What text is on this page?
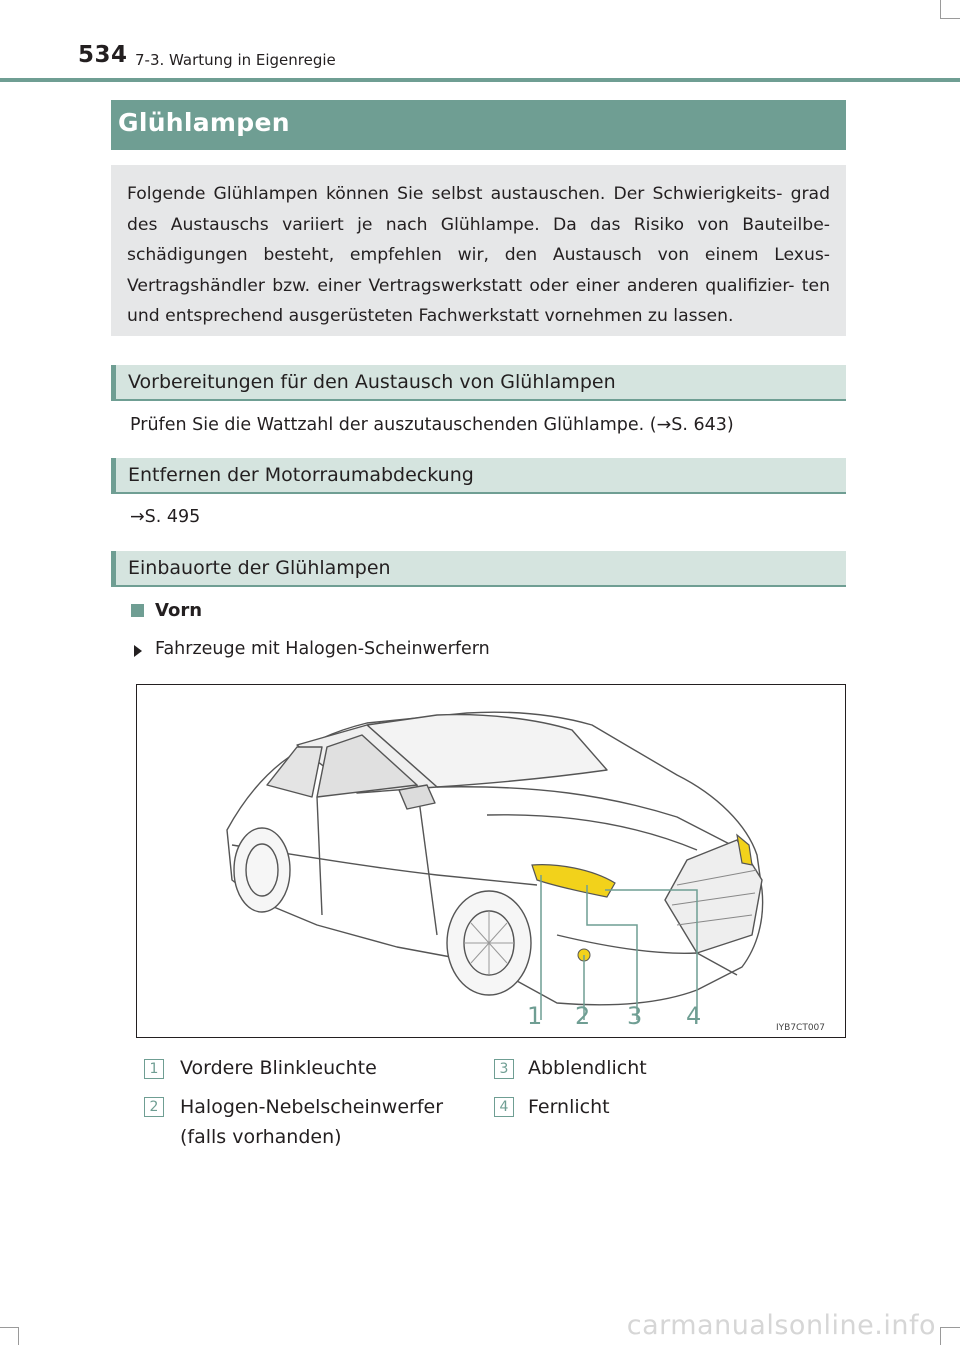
534 7-3. Wartung in Eigenregie
Glühlampen
Folgende Glühlampen können Sie selbst austauschen. Der Schwierigkeits- grad des Austauschs variiert je nach Glühlampe. Da das Risiko von Bauteilbe- schädigungen besteht, empfehlen wir, den Austausch von einem Lexus- Vertragshändler bzw. einer Vertragswerkstatt oder einer anderen qualifizier- ten und entsprechend ausgerüsteten Fachwerkstatt vornehmen zu lassen.
Vorbereitungen für den Austausch von Glühlampen
Prüfen Sie die Wattzahl der auszutauschenden Glühlampe. (→S. 643)
Entfernen der Motorraumabdeckung
→S. 495
Einbauorte der Glühlampen
Vorn
Fahrzeuge mit Halogen-Scheinwerfern
1 2 3 4	IYB7CT007
1 Vordere Blinkleuchte
2 Halogen-Nebelscheinwerfer (falls vorhanden)
3 Abblendlicht
4 Fernlicht
carmanualsonline.info
